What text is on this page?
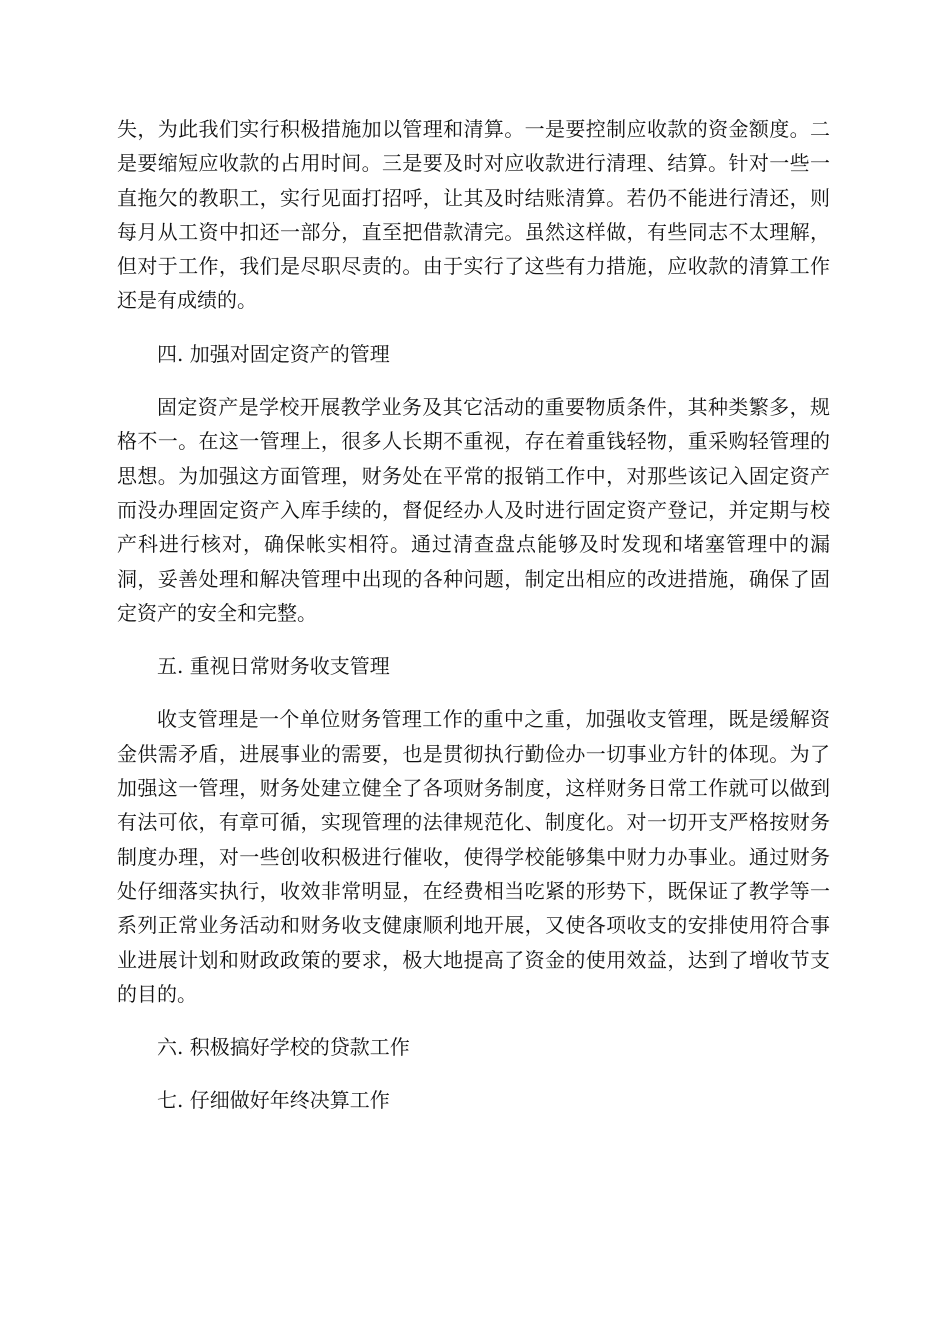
失，为此我们实行积极措施加以管理和清算。一是要控制应收款的资金额度。二是要缩短应收款的占用时间。三是要及时对应收款进行清理、结算。针对一些一直拖欠的教职工，实行见面打招呼，让其及时结账清算。若仍不能进行清还，则每月从工资中扣还一部分，直至把借款清完。虽然这样做，有些同志不太理解，但对于工作，我们是尽职尽责的。由于实行了这些有力措施，应收款的清算工作还是有成绩的。

四. 加强对固定资产的管理

固定资产是学校开展教学业务及其它活动的重要物质条件，其种类繁多，规格不一。在这一管理上，很多人长期不重视，存在着重钱轻物，重采购轻管理的思想。为加强这方面管理，财务处在平常的报销工作中，对那些该记入固定资产而没办理固定资产入库手续的，督促经办人及时进行固定资产登记，并定期与校产科进行核对，确保帐实相符。通过清查盘点能够及时发现和堵塞管理中的漏洞，妥善处理和解决管理中出现的各种问题，制定出相应的改进措施，确保了固定资产的安全和完整。

五. 重视日常财务收支管理

收支管理是一个单位财务管理工作的重中之重，加强收支管理，既是缓解资金供需矛盾，进展事业的需要，也是贯彻执行勤俭办一切事业方针的体现。为了加强这一管理，财务处建立健全了各项财务制度，这样财务日常工作就可以做到有法可依，有章可循，实现管理的法律规范化、制度化。对一切开支严格按财务制度办理，对一些创收积极进行催收，使得学校能够集中财力办事业。通过财务处仔细落实执行，收效非常明显，在经费相当吃紧的形势下，既保证了教学等一系列正常业务活动和财务收支健康顺利地开展，又使各项收支的安排使用符合事业进展计划和财政政策的要求，极大地提高了资金的使用效益，达到了增收节支的目的。

六. 积极搞好学校的贷款工作

七. 仔细做好年终决算工作
